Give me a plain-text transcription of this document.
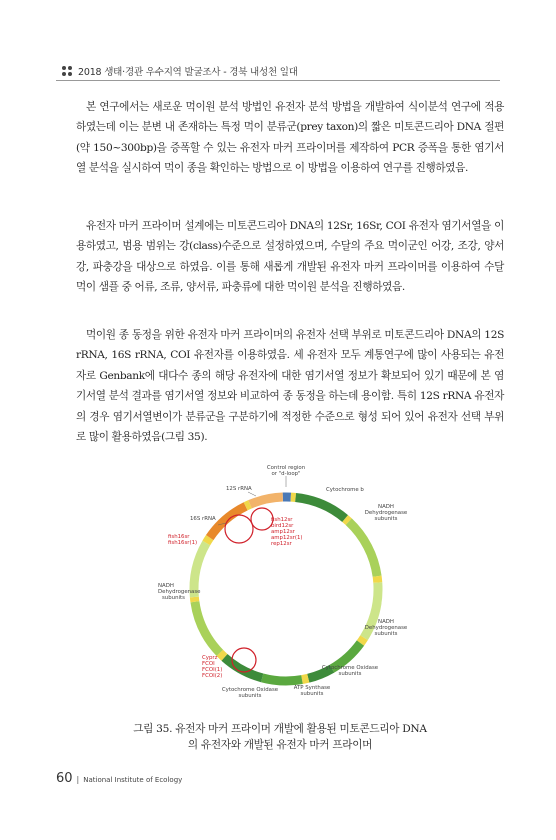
2018 생태·경관 우수지역 발굴조사 - 경북 내성천 일대

본 연구에서는 새로운 먹이원 분석 방법인 유전자 분석 방법을 개발하여 식이분석 연구에 적용하였는데 이는 분변 내 존재하는 특정 먹이 분류군(prey taxon)의 짧은 미토콘드리아 DNA 절편(약 150~300bp)을 증폭할 수 있는 유전자 마커 프라이머를 제작하여 PCR 증폭을 통한 염기서열 분석을 실시하여 먹이 종을 확인하는 방법으로 이 방법을 이용하여 연구를 진행하였음.

유전자 마커 프라이머 설계에는 미토콘드리아 DNA의 12Sr, 16Sr, COI 유전자 염기서열을 이용하였고, 범용 범위는 강(class)수준으로 설정하였으며, 수달의 주요 먹이군인 어강, 조강, 양서강, 파충강을 대상으로 하였음. 이를 통해 새롭게 개발된 유전자 마커 프라이머를 이용하여 수달 먹이 샘플 중 어류, 조류, 양서류, 파충류에 대한 먹이원 분석을 진행하였음.

먹이원 종 동정을 위한 유전자 마커 프라이머의 유전자 선택 부위로 미토콘드리아 DNA의 12S rRNA, 16S rRNA, COI 유전자를 이용하였음. 세 유전자 모두 계통연구에 많이 사용되는 유전자로 Genbank에 대다수 종의 해당 유전자에 대한 염기서열 정보가 확보되어 있기 때문에 본 염기서열 분석 결과를 염기서열 정보와 비교하여 종 동정을 하는데 용이함. 특히 12S rRNA 유전자의 경우 염기서열변이가 분류군을 구분하기에 적정한 수준으로 형성 되어 있어 유전자 선택 부위로 많이 활용하였음(그림 35).

Control region
or "d-loop"
12S rRNA	Cytochrome b
NADH
Dehydrogenase
subunits
16S rRNA	fish12sr
bird12sr
amp12sr
amp12sr(1)
rep12sr
fish16sr
fish16sr(1)
NADH
Dehydrogenase
subunits
NADH
Dehydrogenase
subunits
Cyprz
FCOI
FCOI(1)
FCOI(2)
Cytochrome Oxidase
subunits
ATP Synthase
subunits
Cytochrome Oxidase
subunits
그림 35. 유전자 마커 프라이머 개발에 활용된 미토콘드리아 DNA
의 유전자와 개발된 유전자 마커 프라이머
60 | National Institute of Ecology
